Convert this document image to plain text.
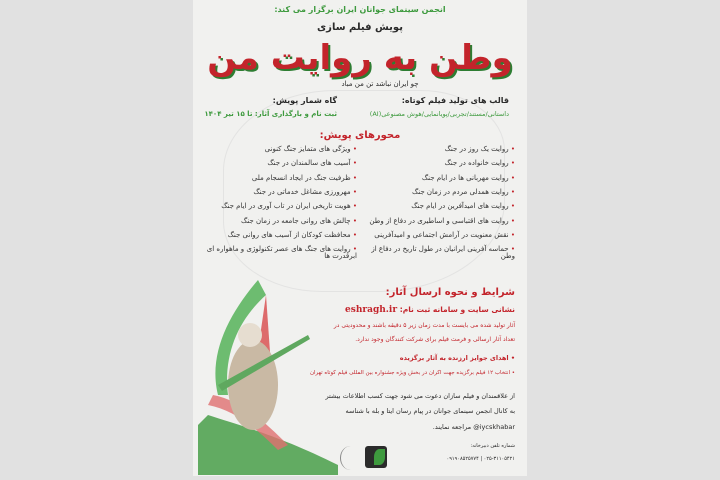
انجمن سینمای جوانان ایران برگزار می کند:
پویش فیلم سازی
وطن به روایت من
چو ایران نباشد تن من مباد
قالب های تولید فیلم کوتاه:
داستانی/مستند/تجربی/پویانمایی/هوش مصنوعی(AI)
گاه شمار پویش:
ثبت نام و بارگذاری آثار: تا ۱۵ تیر ۱۴۰۴
محورهای پویش:
• روایت یک روز در جنگ
• ویژگی های متمایز جنگ کنونی
• روایت خانواده در جنگ
• آسیب های سالمندان در جنگ
• روایت مهربانی ها در ایام جنگ
• ظرفیت جنگ در ایجاد انسجام ملی
• روایت همدلی مردم در زمان جنگ
• مهرورزی مشاغل خدماتی در جنگ
• روایت های امیدآفرین در ایام جنگ
• هویت تاریخی ایران در تاب آوری در ایام جنگ
• روایت های اقتباسی و اساطیری در دفاع از وطن
• چالش های روانی جامعه در زمان جنگ
• نقش معنویت در آرامش اجتماعی و امیدآفرینی
• محافظت کودکان از آسیب های روانی جنگ
• حماسه آفرینی ایرانیان در طول تاریخ در دفاع از وطن
• روایت های جنگ های عصر تکنولوژی و ماهواره ای ابرقدرت ها
شرایط و نحوه ارسال آثار:
نشانی سایت و سامانه ثبت نام: eshragh.ir
آثار تولید شده می بایست با مدت زمان زیر ۵ دقیقه باشند و محدودیتی در
تعداد آثار ارسالی و فرمت فیلم برای شرکت کنندگان وجود ندارد.
• اهدای جوایز ارزنده به آثار برگزیده
• انتخاب ۱۲ فیلم برگزیده جهت اکران در بخش ویژه جشنواره بین المللی فیلم کوتاه تهران
از علاقمندان و فیلم سازان دعوت می شود جهت کسب اطلاعات بیشتر
به کانال انجمن سینمای جوانان در پیام رسان ایتا و بله با شناسه
iycskhabar@ مراجعه نمایند.
شماره تلفن دبیرخانه:
۰۲۵-۳۱۱۰۵۴۲۱ | ۰۹۱۹۰۸۵۲۵۷۷۴
